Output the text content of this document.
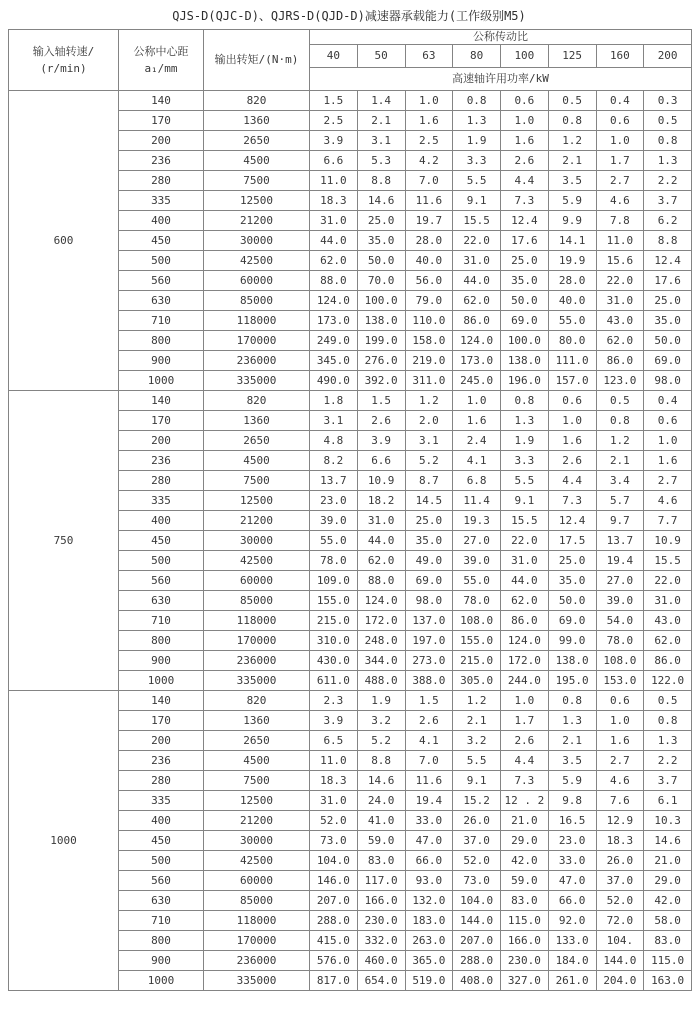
QJS-D(QJC-D)、QJRS-D(QJD-D)减速器承载能力(工作级别M5)
输入轴转速/
(r/min)

公称中心距
a₁/mm
	输出转矩/(N·m)	公称传动比
			40	50	63	80	100	125	160	200
			高速轴许用功率/kW							
600	140	820	1.5	1.4	1.0	0.8	0.6	0.5	0.4	0.3
	170	1360	2.5	2.1	1.6	1.3	1.0	0.8	0.6	0.5
	200	2650	3.9	3.1	2.5	1.9	1.6	1.2	1.0	0.8
	236	4500	6.6	5.3	4.2	3.3	2.6	2.1	1.7	1.3
	280	7500	11.0	8.8	7.0	5.5	4.4	3.5	2.7	2.2
	335	12500	18.3	14.6	11.6	9.1	7.3	5.9	4.6	3.7
	400	21200	31.0	25.0	19.7	15.5	12.4	9.9	7.8	6.2
	450	30000	44.0	35.0	28.0	22.0	17.6	14.1	11.0	8.8
	500	42500	62.0	50.0	40.0	31.0	25.0	19.9	15.6	12.4
	560	60000	88.0	70.0	56.0	44.0	35.0	28.0	22.0	17.6
	630	85000	124.0	100.0	79.0	62.0	50.0	40.0	31.0	25.0
	710	118000	173.0	138.0	110.0	86.0	69.0	55.0	43.0	35.0
	800	170000	249.0	199.0	158.0	124.0	100.0	80.0	62.0	50.0
	900	236000	345.0	276.0	219.0	173.0	138.0	111.0	86.0	69.0
	1000	335000	490.0	392.0	311.0	245.0	196.0	157.0	123.0	98.0
750	140	820	1.8	1.5	1.2	1.0	0.8	0.6	0.5	0.4
	170	1360	3.1	2.6	2.0	1.6	1.3	1.0	0.8	0.6
	200	2650	4.8	3.9	3.1	2.4	1.9	1.6	1.2	1.0
	236	4500	8.2	6.6	5.2	4.1	3.3	2.6	2.1	1.6
	280	7500	13.7	10.9	8.7	6.8	5.5	4.4	3.4	2.7
	335	12500	23.0	18.2	14.5	11.4	9.1	7.3	5.7	4.6
	400	21200	39.0	31.0	25.0	19.3	15.5	12.4	9.7	7.7
	450	30000	55.0	44.0	35.0	27.0	22.0	17.5	13.7	10.9
	500	42500	78.0	62.0	49.0	39.0	31.0	25.0	19.4	15.5
	560	60000	109.0	88.0	69.0	55.0	44.0	35.0	27.0	22.0
	630	85000	155.0	124.0	98.0	78.0	62.0	50.0	39.0	31.0
	710	118000	215.0	172.0	137.0	108.0	86.0	69.0	54.0	43.0
	800	170000	310.0	248.0	197.0	155.0	124.0	99.0	78.0	62.0
	900	236000	430.0	344.0	273.0	215.0	172.0	138.0	108.0	86.0
	1000	335000	611.0	488.0	388.0	305.0	244.0	195.0	153.0	122.0
1000	140	820	2.3	1.9	1.5	1.2	1.0	0.8	0.6	0.5
	170	1360	3.9	3.2	2.6	2.1	1.7	1.3	1.0	0.8
	200	2650	6.5	5.2	4.1	3.2	2.6	2.1	1.6	1.3
	236	4500	11.0	8.8	7.0	5.5	4.4	3.5	2.7	2.2
	280	7500	18.3	14.6	11.6	9.1	7.3	5.9	4.6	3.7
	335	12500	31.0	24.0	19.4	15.2	12 . 2	9.8	7.6	6.1
	400	21200	52.0	41.0	33.0	26.0	21.0	16.5	12.9	10.3
	450	30000	73.0	59.0	47.0	37.0	29.0	23.0	18.3	14.6
	500	42500	104.0	83.0	66.0	52.0	42.0	33.0	26.0	21.0
	560	60000	146.0	117.0	93.0	73.0	59.0	47.0	37.0	29.0
	630	85000	207.0	166.0	132.0	104.0	83.0	66.0	52.0	42.0
	710	118000	288.0	230.0	183.0	144.0	115.0	92.0	72.0	58.0
	800	170000	415.0	332.0	263.0	207.0	166.0	133.0	104.	83.0
	900	236000	576.0	460.0	365.0	288.0	230.0	184.0	144.0	115.0
	1000	335000	817.0	654.0	519.0	408.0	327.0	261.0	204.0	163.0
